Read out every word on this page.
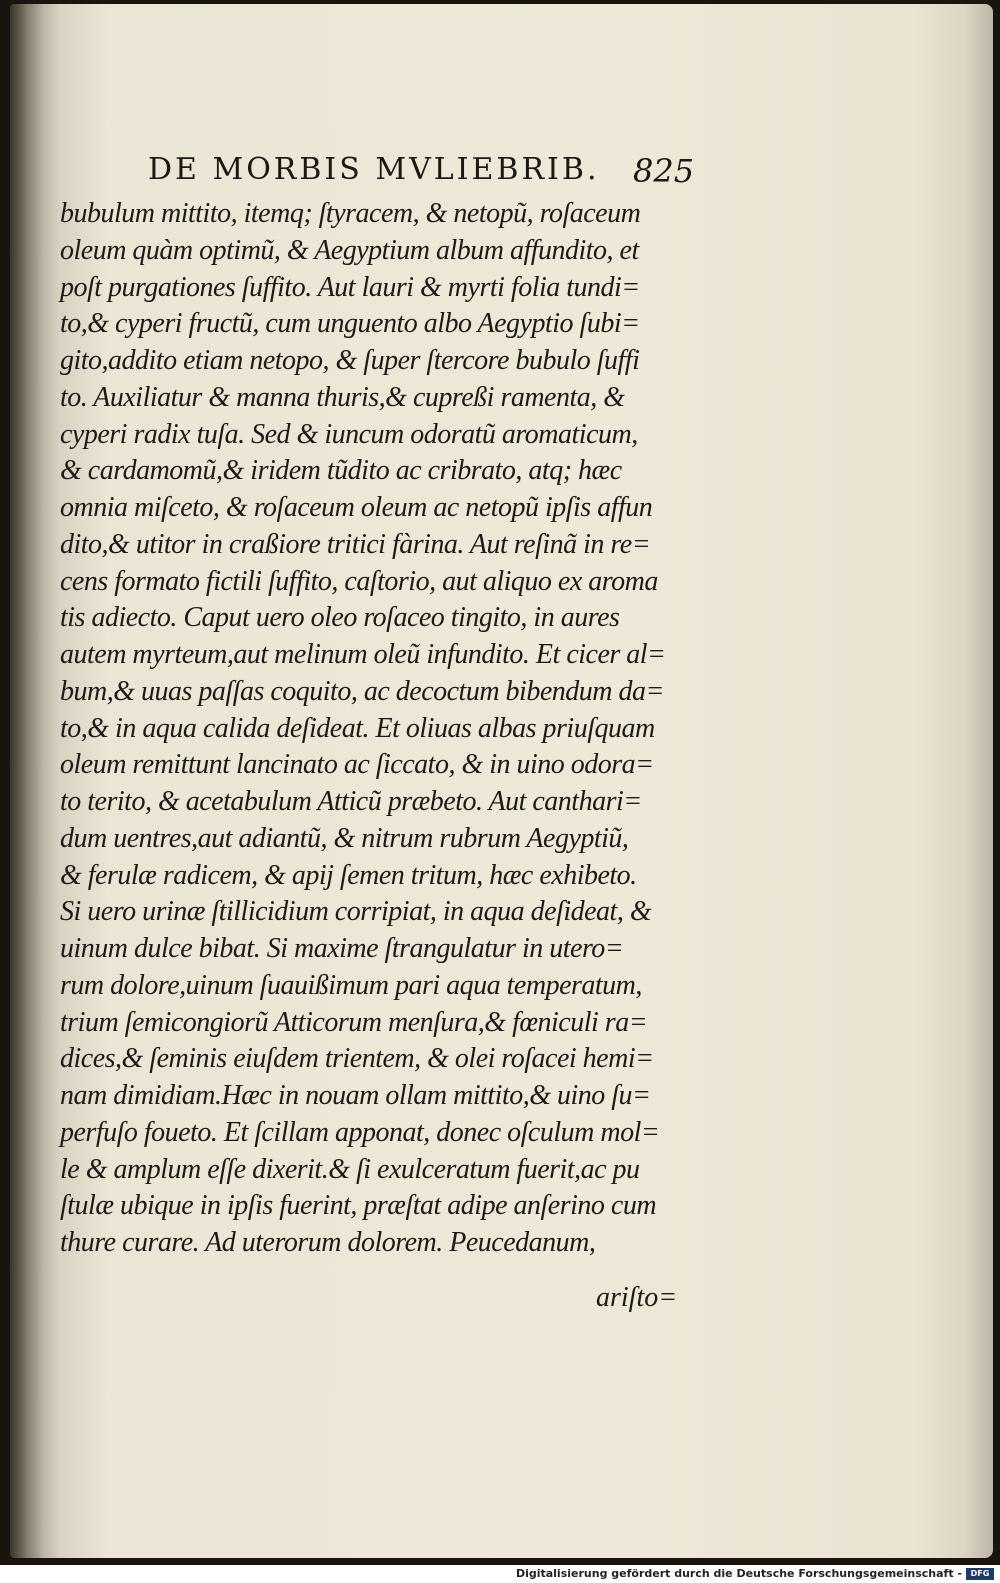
DE MORBIS MVLIEBRIB. 825
bubulum mittito, itemq; ſtyracem, & netopũ, roſaceum
oleum quàm optimũ, & Aegyptium album affundito, et
poſt purgationes ſuffito. Aut lauri & myrti folia tundi=
to,& cyperi fructũ, cum unguento albo Aegyptio ſubi=
gito,addito etiam netopo, & ſuper ſtercore bubulo ſuffi
to. Auxiliatur & manna thuris,& cupreßi ramenta, &
cyperi radix tuſa. Sed & iuncum odoratũ aromaticum,
& cardamomũ,& iridem tũdito ac cribrato, atq; hæc
omnia miſceto, & roſaceum oleum ac netopũ ipſis affun
dito,& utitor in craßiore tritici fàrina. Aut reſinã in re=
cens formato fictili ſuffito, caſtorio, aut aliquo ex aroma
tis adiecto. Caput uero oleo roſaceo tingito, in aures
autem myrteum,aut melinum oleũ infundito. Et cicer al=
bum,& uuas paſſas coquito, ac decoctum bibendum da=
to,& in aqua calida deſideat. Et oliuas albas priuſquam
oleum remittunt lancinato ac ſiccato, & in uino odora=
to terito, & acetabulum Atticũ præbeto. Aut canthari=
dum uentres,aut adiantũ, & nitrum rubrum Aegyptiũ,
& ferulæ radicem, & apij ſemen tritum, hæc exhibeto.
Si uero urinæ ſtillicidium corripiat, in aqua deſideat, &
uinum dulce bibat. Si maxime ſtrangulatur in utero=
rum dolore,uinum ſuauißimum pari aqua temperatum,
trium ſemicongiorũ Atticorum menſura,& fœniculi ra=
dices,& ſeminis eiuſdem trientem, & olei roſacei hemi=
nam dimidiam.Hæc in nouam ollam mittito,& uino ſu=
perfuſo foueto. Et ſcillam apponat, donec oſculum mol=
le & amplum eſſe dixerit.& ſi exulceratum fuerit,ac pu
ſtulæ ubique in ipſis fuerint, præſtat adipe anſerino cum
thure curare. Ad uterorum dolorem. Peucedanum,
ariſto=
Digitalisierung gefördert durch die Deutsche Forschungsgemeinschaft -	DFG
